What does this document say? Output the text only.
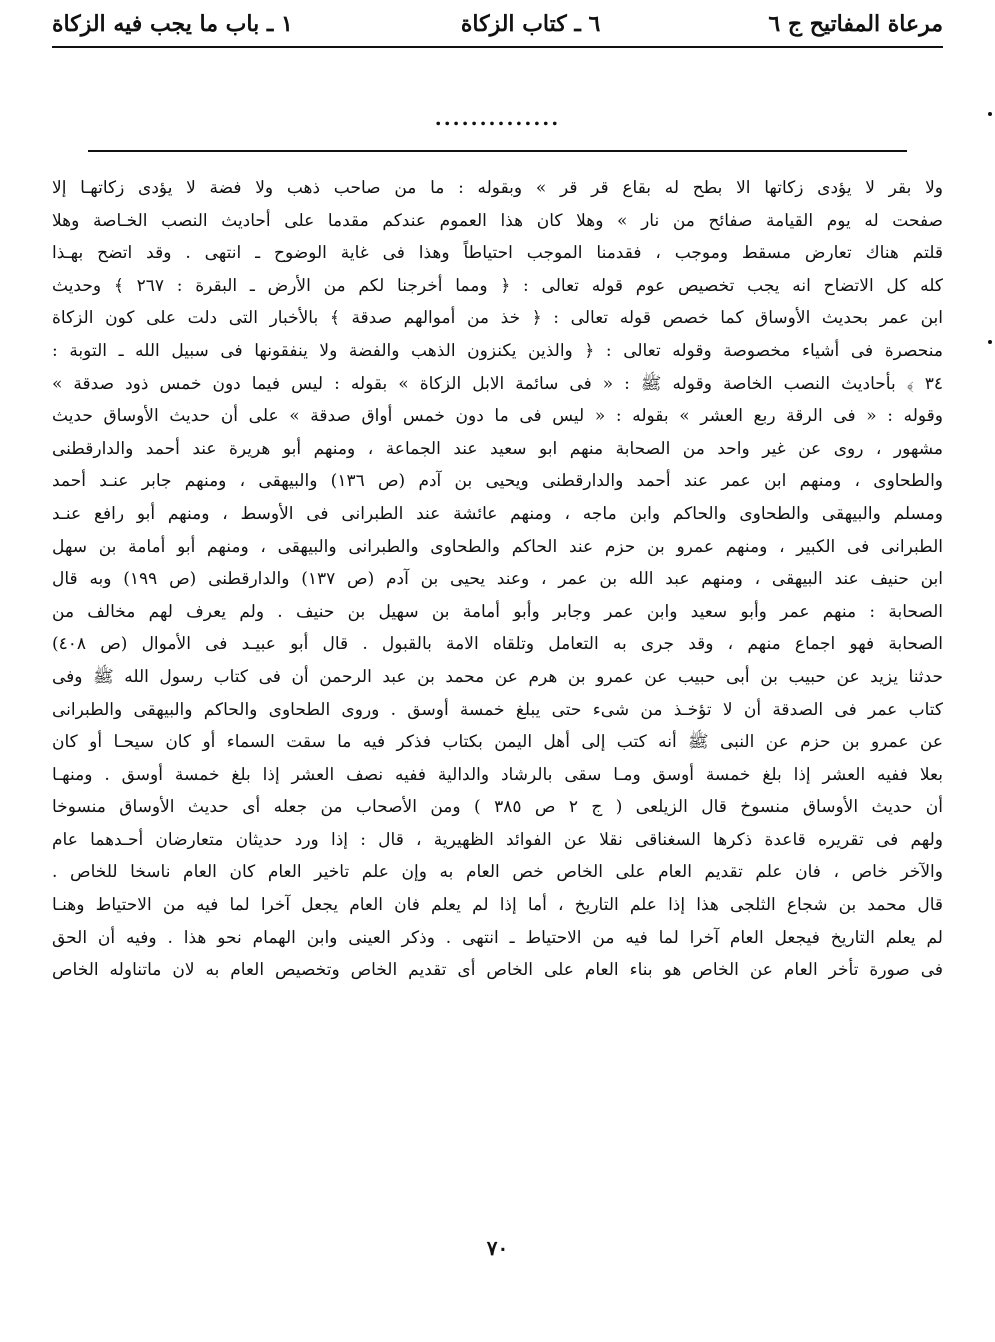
مرعاة المفاتيح ج ٦
٦ ـ كتاب الزكاة
١ ـ باب ما يجب فيه الزكاة
..............
ولا بقر لا يؤدى زكاتها الا بطح له بقاع قر قر » وبقوله : ما من صاحب ذهب ولا فضة لا يؤدى زكاتهـا إلا
صفحت له يوم القيامة صفائح من نار » وهلا كان هذا العموم عندكم مقدما على أحاديث النصب الخـاصة وهلا
قلتم هناك تعارض مسقط وموجب ، فقدمنا الموجب احتياطاً وهذا فى غاية الوضوح ـ انتهى . وقد اتضح بهـذا
كله كل الاتضاح انه يجب تخصيص عوم قوله تعالى : ﴿ ومما أخرجنا لكم من الأرض ـ البقرة : ٢٦٧ ﴾ وحديث
ابن عمر بحديث الأوساق كما خصص قوله تعالى : ﴿ خذ من أموالهم صدقة ﴾ بالأخبار التى دلت على كون الزكاة
منحصرة فى أشياء مخصوصة وقوله تعالى : ﴿ والذين يكنزون الذهب والفضة ولا ينفقونها فى سبيل الله ـ التوبة :
٣٤ ﴾ بأحاديث النصب الخاصة وقوله ﷺ : « فى سائمة الابل الزكاة » بقوله : ليس فيما دون خمس ذود صدقة »
وقوله : « فى الرقة ربع العشر » بقوله : « ليس فى ما دون خمس أواق صدقة » على أن حديث الأوساق حديث
مشهور ، روى عن غير واحد من الصحابة منهم ابو سعيد عند الجماعة ، ومنهم أبو هريرة عند أحمد والدارقطنى
والطحاوى ، ومنهم ابن عمر عند أحمد والدارقطنى ويحيى بن آدم (ص ١٣٦) والبيهقى ، ومنهم جابر عنـد أحمد
ومسلم والبيهقى والطحاوى والحاكم وابن ماجه ، ومنهم عائشة عند الطبرانى فى الأوسط ، ومنهم أبو رافع عنـد
الطبرانى فى الكبير ، ومنهم عمرو بن حزم عند الحاكم والطحاوى والطبرانى والبيهقى ، ومنهم أبو أمامة بن سهل
ابن حنيف عند البيهقى ، ومنهم عبد الله بن عمر ، وعند يحيى بن آدم (ص ١٣٧) والدارقطنى (ص ١٩٩) وبه قال
الصحابة : منهم عمر وأبو سعيد وابن عمر وجابر وأبو أمامة بن سهيل بن حنيف . ولم يعرف لهم مخالف من
الصحابة فهو اجماع منهم ، وقد جرى به التعامل وتلقاه الامة بالقبول . قال أبو عبيـد فى الأموال (ص ٤٠٨)
حدثنا يزيد عن حبيب بن أبى حبيب عن عمرو بن هرم عن محمد بن عبد الرحمن أن فى كتاب رسول الله ﷺ وفى
كتاب عمر فى الصدقة أن لا تؤخـذ من شىء حتى يبلغ خمسة أوسق . وروى الطحاوى والحاكم والبيهقى والطبرانى
عن عمرو بن حزم عن النبى ﷺ أنه كتب إلى أهل اليمن بكتاب فذكر فيه ما سقت السماء أو كان سيحـا أو كان
بعلا ففيه العشر إذا بلغ خمسة أوسق ومـا سقى بالرشاد والدالية ففيه نصف العشر إذا بلغ خمسة أوسق . ومنهـا
أن حديث الأوساق منسوخ قال الزيلعى ( ج ٢ ص ٣٨٥ ) ومن الأصحاب من جعله أى حديث الأوساق منسوخا
ولهم فى تقريره قاعدة ذكرها السغناقى نقلا عن الفوائد الظهيرية ، قال : إذا ورد حديثان متعارضان أحـدهما عام
والآخر خاص ، فان علم تقديم العام على الخاص خص العام به وإن علم تاخير العام كان العام ناسخا للخاص .
قال محمد بن شجاع الثلجى هذا إذا علم التاريخ ، أما إذا لم يعلم فان العام يجعل آخرا لما فيه من الاحتياط وهنـا
لم يعلم التاريخ فيجعل العام آخرا لما فيه من الاحتياط ـ انتهى . وذكر العينى وابن الهمام نحو هذا . وفيه أن الحق
فى صورة تأخر العام عن الخاص هو بناء العام على الخاص أى تقديم الخاص وتخصيص العام به لان ماتناوله الخاص
٧٠
